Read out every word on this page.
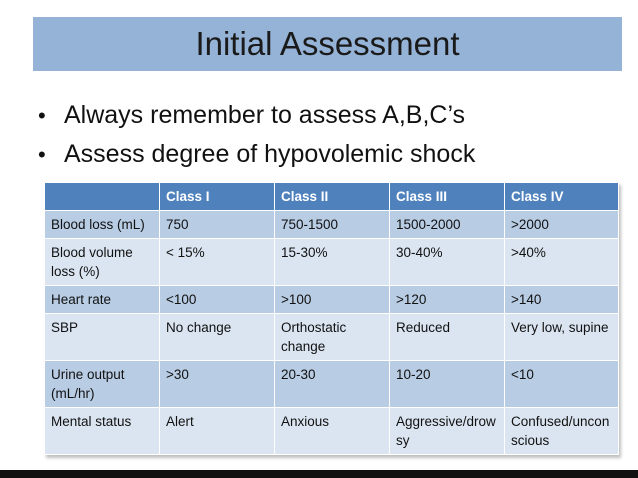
Initial Assessment
• Always remember to assess A,B,C’s
• Assess degree of hypovolemic shock
	Class I	Class II	Class III	Class IV
Blood loss (mL)	750	750-1500	1500-2000	>2000
Blood volume loss (%)	< 15%	15-30%	30-40%	>40%
Heart rate	<100	>100	>120	>140
SBP	No change	Orthostatic change	Reduced	Very low, supine
Urine output (mL/hr)	>30	20-30	10-20	<10
Mental status	Alert	Anxious	Aggressive/drowsy	Confused/unconscious
